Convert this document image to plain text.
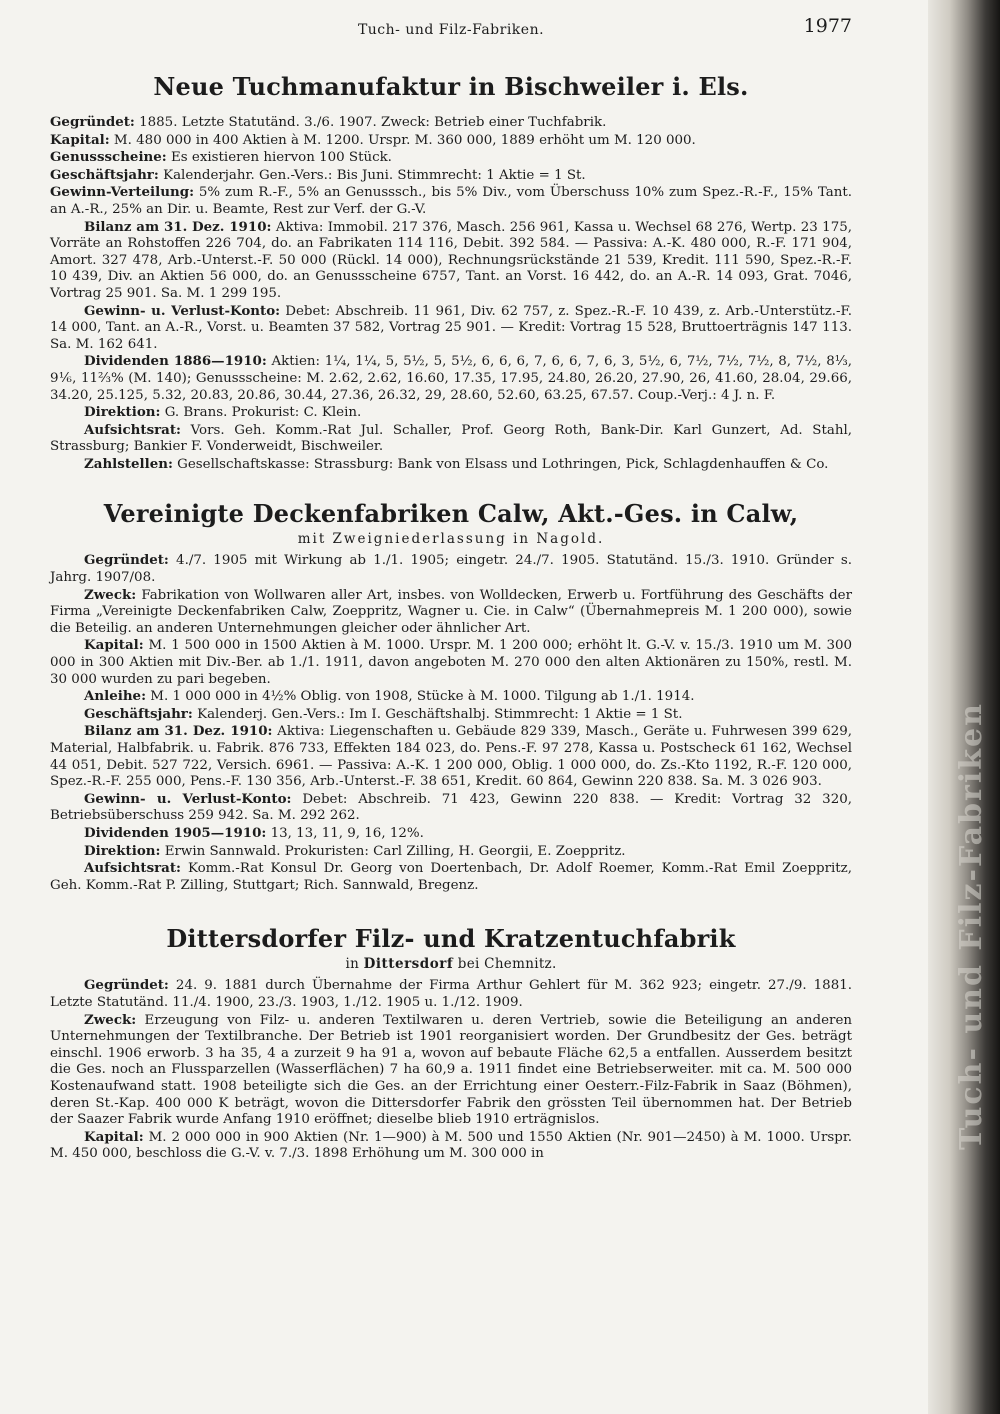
Tuch- und Filz-Fabriken
Tuch- und Filz-Fabriken.	1977
Neue Tuchmanufaktur in Bischweiler i. Els.

Gegründet: 1885. Letzte Statutänd. 3./6. 1907. Zweck: Betrieb einer Tuchfabrik.

Kapital: M. 480 000 in 400 Aktien à M. 1200. Urspr. M. 360 000, 1889 erhöht um M. 120 000.

Genussscheine: Es existieren hiervon 100 Stück.

Geschäftsjahr: Kalenderjahr. Gen.-Vers.: Bis Juni. Stimmrecht: 1 Aktie = 1 St.

Gewinn-Verteilung: 5% zum R.-F., 5% an Genusssch., bis 5% Div., vom Überschuss 10% zum Spez.-R.-F., 15% Tant. an A.-R., 25% an Dir. u. Beamte, Rest zur Verf. der G.-V.

Bilanz am 31. Dez. 1910: Aktiva: Immobil. 217 376, Masch. 256 961, Kassa u. Wechsel 68 276, Wertp. 23 175, Vorräte an Rohstoffen 226 704, do. an Fabrikaten 114 116, Debit. 392 584. — Passiva: A.-K. 480 000, R.-F. 171 904, Amort. 327 478, Arb.-Unterst.-F. 50 000 (Rückl. 14 000), Rechnungsrückstände 21 539, Kredit. 111 590, Spez.-R.-F. 10 439, Div. an Aktien 56 000, do. an Genussscheine 6757, Tant. an Vorst. 16 442, do. an A.-R. 14 093, Grat. 7046, Vortrag 25 901. Sa. M. 1 299 195.

Gewinn- u. Verlust-Konto: Debet: Abschreib. 11 961, Div. 62 757, z. Spez.-R.-F. 10 439, z. Arb.-Unterstütz.-F. 14 000, Tant. an A.-R., Vorst. u. Beamten 37 582, Vortrag 25 901. — Kredit: Vortrag 15 528, Bruttoerträgnis 147 113. Sa. M. 162 641.

Dividenden 1886—1910: Aktien: 1¼, 1¼, 5, 5½, 5, 5½, 6, 6, 6, 7, 6, 6, 7, 6, 3, 5½, 6, 7½, 7½, 7½, 8, 7½, 8⅓, 9⅙, 11²⁄₃% (M. 140); Genussscheine: M. 2.62, 2.62, 16.60, 17.35, 17.95, 24.80, 26.20, 27.90, 26, 41.60, 28.04, 29.66, 34.20, 25.125, 5.32, 20.83, 20.86, 30.44, 27.36, 26.32, 29, 28.60, 52.60, 63.25, 67.57. Coup.-Verj.: 4 J. n. F.

Direktion: G. Brans. Prokurist: C. Klein.

Aufsichtsrat: Vors. Geh. Komm.-Rat Jul. Schaller, Prof. Georg Roth, Bank-Dir. Karl Gunzert, Ad. Stahl, Strassburg; Bankier F. Vonderweidt, Bischweiler.

Zahlstellen: Gesellschaftskasse: Strassburg: Bank von Elsass und Lothringen, Pick, Schlagdenhauffen & Co.

Vereinigte Deckenfabriken Calw, Akt.-Ges. in Calw,
mit Zweigniederlassung in Nagold.

Gegründet: 4./7. 1905 mit Wirkung ab 1./1. 1905; eingetr. 24./7. 1905. Statutänd. 15./3. 1910. Gründer s. Jahrg. 1907/08.

Zweck: Fabrikation von Wollwaren aller Art, insbes. von Wolldecken, Erwerb u. Fortführung des Geschäfts der Firma „Vereinigte Deckenfabriken Calw, Zoeppritz, Wagner u. Cie. in Calw“ (Übernahmepreis M. 1 200 000), sowie die Beteilig. an anderen Unternehmungen gleicher oder ähnlicher Art.

Kapital: M. 1 500 000 in 1500 Aktien à M. 1000. Urspr. M. 1 200 000; erhöht lt. G.-V. v. 15./3. 1910 um M. 300 000 in 300 Aktien mit Div.-Ber. ab 1./1. 1911, davon angeboten M. 270 000 den alten Aktionären zu 150%, restl. M. 30 000 wurden zu pari begeben.

Anleihe: M. 1 000 000 in 4½% Oblig. von 1908, Stücke à M. 1000. Tilgung ab 1./1. 1914.

Geschäftsjahr: Kalenderj. Gen.-Vers.: Im I. Geschäftshalbj. Stimmrecht: 1 Aktie = 1 St.

Bilanz am 31. Dez. 1910: Aktiva: Liegenschaften u. Gebäude 829 339, Masch., Geräte u. Fuhrwesen 399 629, Material, Halbfabrik. u. Fabrik. 876 733, Effekten 184 023, do. Pens.-F. 97 278, Kassa u. Postscheck 61 162, Wechsel 44 051, Debit. 527 722, Versich. 6961. — Passiva: A.-K. 1 200 000, Oblig. 1 000 000, do. Zs.-Kto 1192, R.-F. 120 000, Spez.-R.-F. 255 000, Pens.-F. 130 356, Arb.-Unterst.-F. 38 651, Kredit. 60 864, Gewinn 220 838. Sa. M. 3 026 903.

Gewinn- u. Verlust-Konto: Debet: Abschreib. 71 423, Gewinn 220 838. — Kredit: Vortrag 32 320, Betriebsüberschuss 259 942. Sa. M. 292 262.

Dividenden 1905—1910: 13, 13, 11, 9, 16, 12%.

Direktion: Erwin Sannwald. Prokuristen: Carl Zilling, H. Georgii, E. Zoeppritz.

Aufsichtsrat: Komm.-Rat Konsul Dr. Georg von Doertenbach, Dr. Adolf Roemer, Komm.-Rat Emil Zoeppritz, Geh. Komm.-Rat P. Zilling, Stuttgart; Rich. Sannwald, Bregenz.

Dittersdorfer Filz- und Kratzentuchfabrik
in Dittersdorf bei Chemnitz.

Gegründet: 24. 9. 1881 durch Übernahme der Firma Arthur Gehlert für M. 362 923; eingetr. 27./9. 1881. Letzte Statutänd. 11./4. 1900, 23./3. 1903, 1./12. 1905 u. 1./12. 1909.

Zweck: Erzeugung von Filz- u. anderen Textilwaren u. deren Vertrieb, sowie die Beteiligung an anderen Unternehmungen der Textilbranche. Der Betrieb ist 1901 reorganisiert worden. Der Grundbesitz der Ges. beträgt einschl. 1906 erworb. 3 ha 35, 4 a zurzeit 9 ha 91 a, wovon auf bebaute Fläche 62,5 a entfallen. Ausserdem besitzt die Ges. noch an Flussparzellen (Wasserflächen) 7 ha 60,9 a. 1911 findet eine Betriebserweiter. mit ca. M. 500 000 Kostenaufwand statt. 1908 beteiligte sich die Ges. an der Errichtung einer Oesterr.-Filz-Fabrik in Saaz (Böhmen), deren St.-Kap. 400 000 K beträgt, wovon die Dittersdorfer Fabrik den grössten Teil übernommen hat. Der Betrieb der Saazer Fabrik wurde Anfang 1910 eröffnet; dieselbe blieb 1910 erträgnislos.

Kapital: M. 2 000 000 in 900 Aktien (Nr. 1—900) à M. 500 und 1550 Aktien (Nr. 901—2450) à M. 1000. Urspr. M. 450 000, beschloss die G.-V. v. 7./3. 1898 Erhöhung um M. 300 000 in
